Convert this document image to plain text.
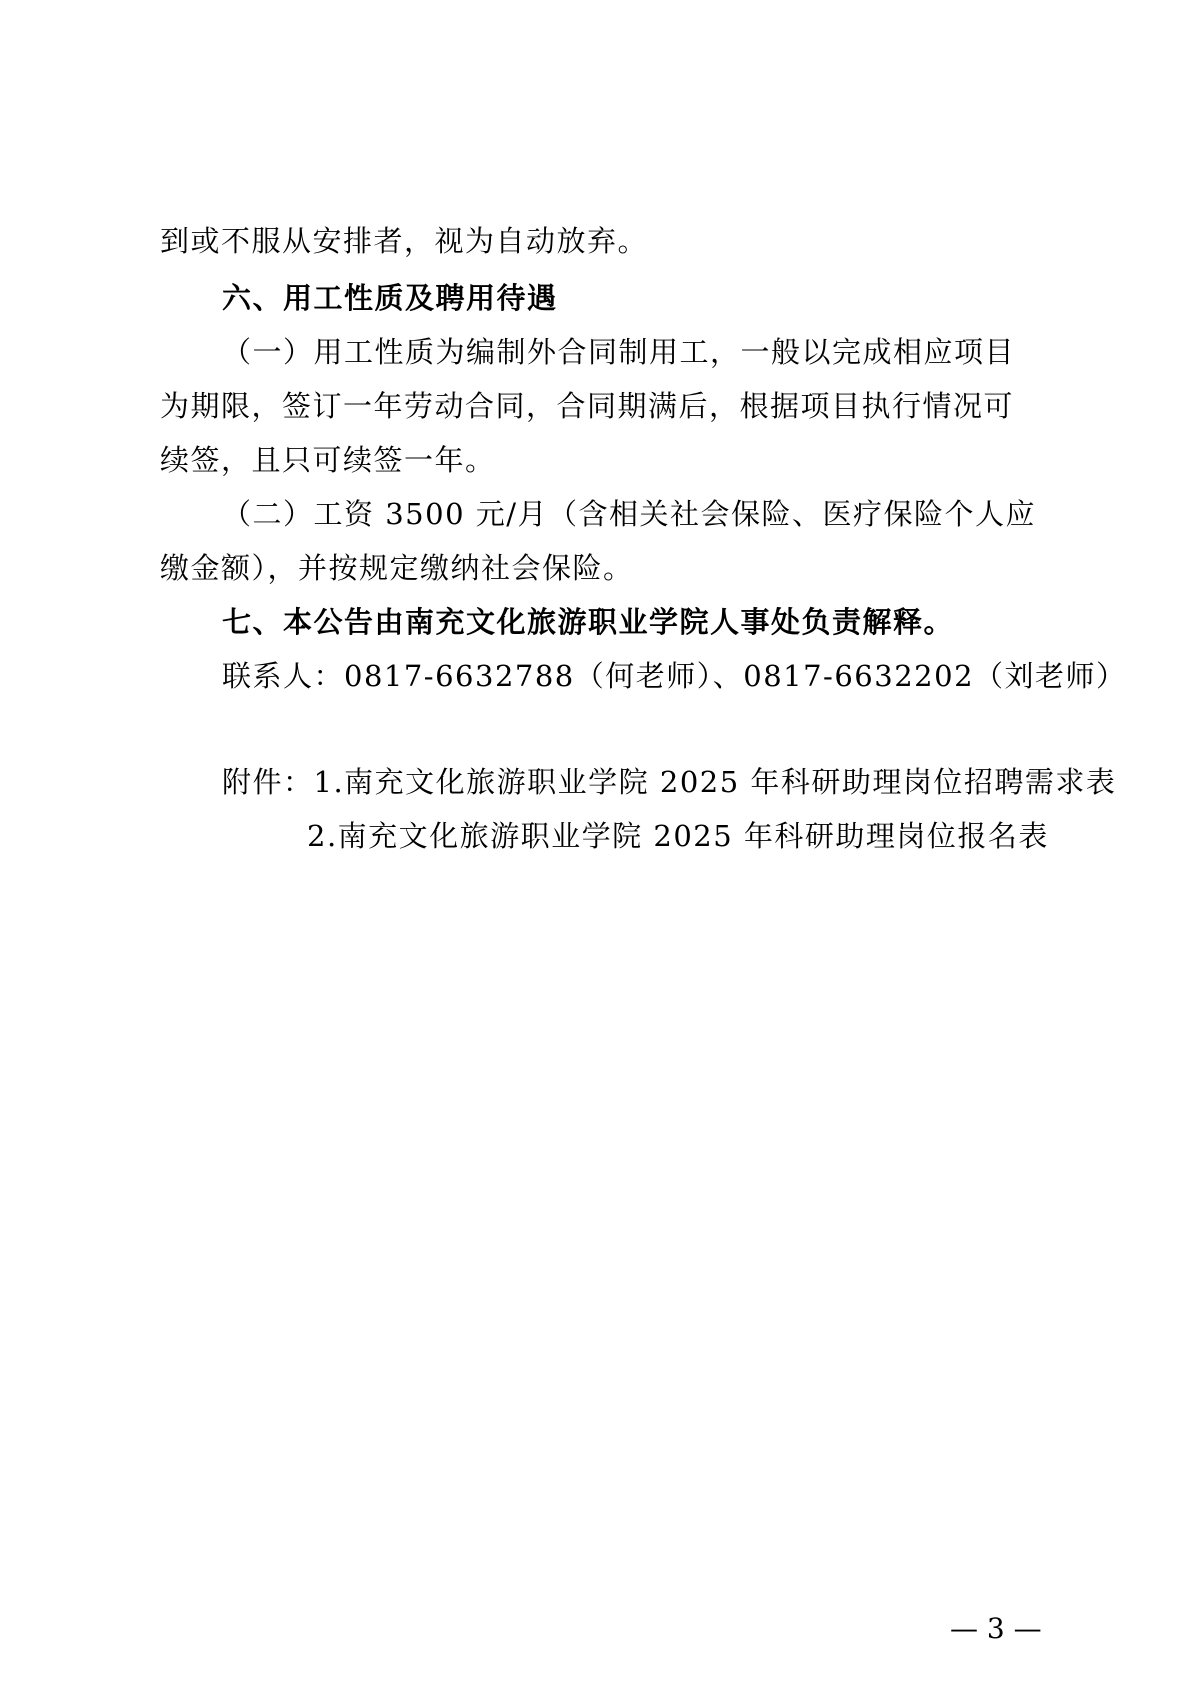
到或不服从安排者，视为自动放弃。
六、用工性质及聘用待遇
（一）用工性质为编制外合同制用工，一般以完成相应项目
为期限，签订一年劳动合同，合同期满后，根据项目执行情况可
续签，且只可续签一年。
（二）工资 3500 元/月（含相关社会保险、医疗保险个人应
缴金额），并按规定缴纳社会保险。
七、本公告由南充文化旅游职业学院人事处负责解释。
联系人：0817-6632788（何老师）、0817-6632202（刘老师）
附件：1.南充文化旅游职业学院 2025 年科研助理岗位招聘需求表
2.南充文化旅游职业学院 2025 年科研助理岗位报名表
— 3 —
